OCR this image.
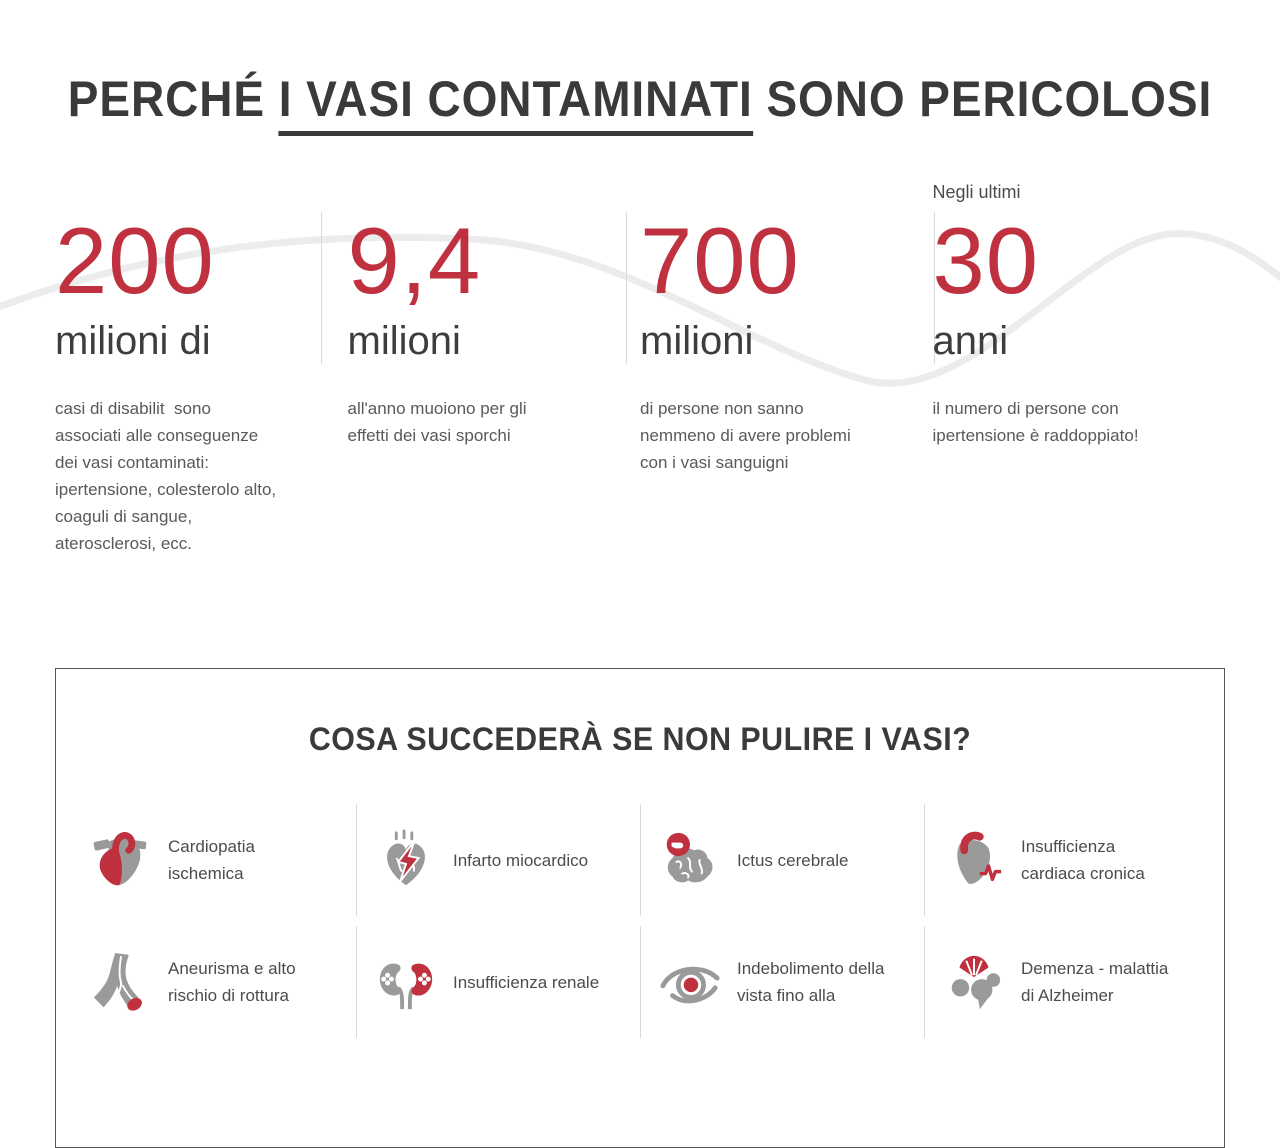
PERCHÉ I VASI CONTAMINATI SONO PERICOLOSI
200
milioni di
casi di disabilit  sono associati alle conseguenze dei vasi contaminati: ipertensione, colesterolo alto, coaguli di sangue, aterosclerosi, ecc.
9,4
milioni
all'anno muoiono per gli effetti dei vasi sporchi
700
milioni
di persone non sanno nemmeno di avere problemi con i vasi sanguigni
Negli ultimi
30
anni
il numero di persone con ipertensione è raddoppiato!
COSA SUCCEDERÀ SE NON PULIRE I VASI?
Cardiopatia ischemica
Infarto miocardico	Ictus cerebrale
Insufficienza cardiaca cronica
Aneurisma e alto rischio di rottura
Insufficienza renale
Indebolimento della vista fino alla
Demenza - malattia di Alzheimer
